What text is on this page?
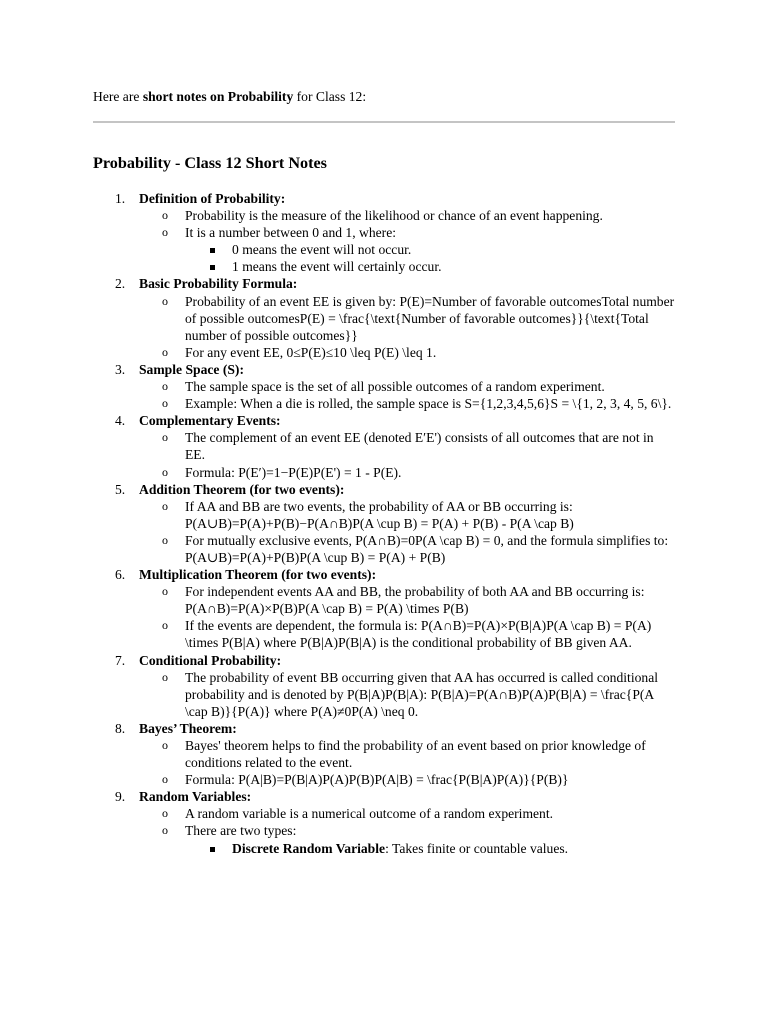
Here are short notes on Probability for Class 12:

Probability - Class 12 Short Notes
1. Definition of Probability:
o Probability is the measure of the likelihood or chance of an event happening.
o It is a number between 0 and 1, where:
0 means the event will not occur.
1 means the event will certainly occur.
2. Basic Probability Formula:
o Probability of an event EE is given by: P(E)=Number of favorable outcomesTotal number of possible outcomesP(E) = \frac{\text{Number of favorable outcomes}}{\text{Total number of possible outcomes}}
o For any event EE, 0≤P(E)≤10 \leq P(E) \leq 1.
3. Sample Space (S):
o The sample space is the set of all possible outcomes of a random experiment.
o Example: When a die is rolled, the sample space is S={1,2,3,4,5,6}S = \{1, 2, 3, 4, 5, 6\}.
4. Complementary Events:
o The complement of an event EE (denoted E′E') consists of all outcomes that are not in EE.
o Formula: P(E′)=1−P(E)P(E') = 1 - P(E).
5. Addition Theorem (for two events):
o If AA and BB are two events, the probability of AA or BB occurring is: P(A∪B)=P(A)+P(B)−P(A∩B)P(A \cup B) = P(A) + P(B) - P(A \cap B)
o For mutually exclusive events, P(A∩B)=0P(A \cap B) = 0, and the formula simplifies to: P(A∪B)=P(A)+P(B)P(A \cup B) = P(A) + P(B)
6. Multiplication Theorem (for two events):
o For independent events AA and BB, the probability of both AA and BB occurring is: P(A∩B)=P(A)×P(B)P(A \cap B) = P(A) \times P(B)
o If the events are dependent, the formula is: P(A∩B)=P(A)×P(B|A)P(A \cap B) = P(A) \times P(B|A) where P(B|A)P(B|A) is the conditional probability of BB given AA.
7. Conditional Probability:
o The probability of event BB occurring given that AA has occurred is called conditional probability and is denoted by P(B|A)P(B|A): P(B|A)=P(A∩B)P(A)P(B|A) = \frac{P(A \cap B)}{P(A)} where P(A)≠0P(A) \neq 0.
8. Bayes’ Theorem:
o Bayes' theorem helps to find the probability of an event based on prior knowledge of conditions related to the event.
o Formula: P(A|B)=P(B|A)P(A)P(B)P(A|B) = \frac{P(B|A)P(A)}{P(B)}
9. Random Variables:
o A random variable is a numerical outcome of a random experiment.
o There are two types:
Discrete Random Variable: Takes finite or countable values.
